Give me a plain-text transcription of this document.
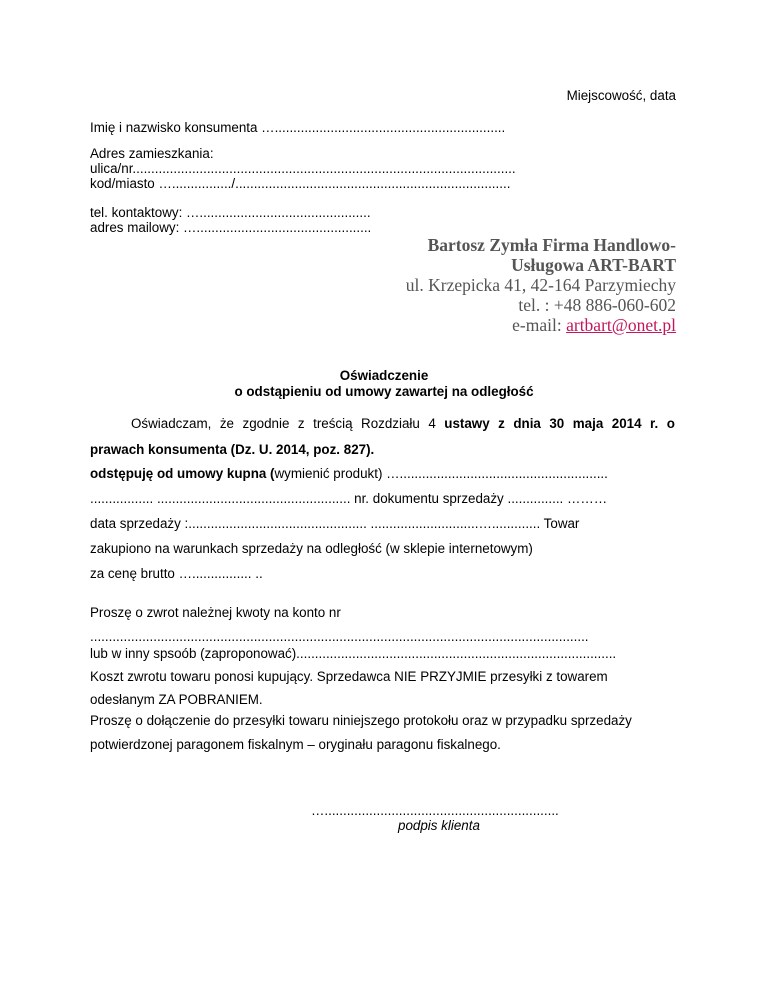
Miejscowość, data
Imię i nazwisko konsumenta …..............................................................
Adres zamieszkania:
ulica/nr.......................................................................................................
kod/miasto …................/..........................................................................
tel. kontaktowy: …..............................................
adres mailowy: …...............................................
Bartosz Zymła Firma Handlowo-
Usługowa ART-BART
ul. Krzepicka 41, 42-164 Parzymiechy
tel. : +48 886-060-602
e-mail: artbart@onet.pl
Oświadczenie
o odstąpieniu od umowy zawartej na odległość
Oświadczam, że zgodnie z treścią Rozdziału 4 ustawy z dnia 30 maja 2014 r. o
prawach konsumenta (Dz. U. 2014, poz. 827).
odstępuję od umowy kupna (wymienić produkt) …........................................................
................. .................................................... nr. dokumentu sprzedaży ............... ………
data sprzedaży :................................................ .............................…............. Towar
zakupiono na warunkach sprzedaży na odległość (w sklepie internetowym)
za cenę brutto …................ ..
Proszę o zwrot należnej kwoty na konto nr
......................................................................................................................................
lub w inny spsoób (zaproponować)......................................................................................
Koszt zwrotu towaru ponosi kupujący. Sprzedawca NIE PRZYJMIE przesyłki z towarem
odesłanym ZA POBRANIEM.
Proszę o dołączenie do przesyłki towaru niniejszego protokołu oraz w przypadku sprzedaży
potwierdzonej paragonem fiskalnym – oryginału paragonu fiskalnego.
…...............................................................
podpis klienta
